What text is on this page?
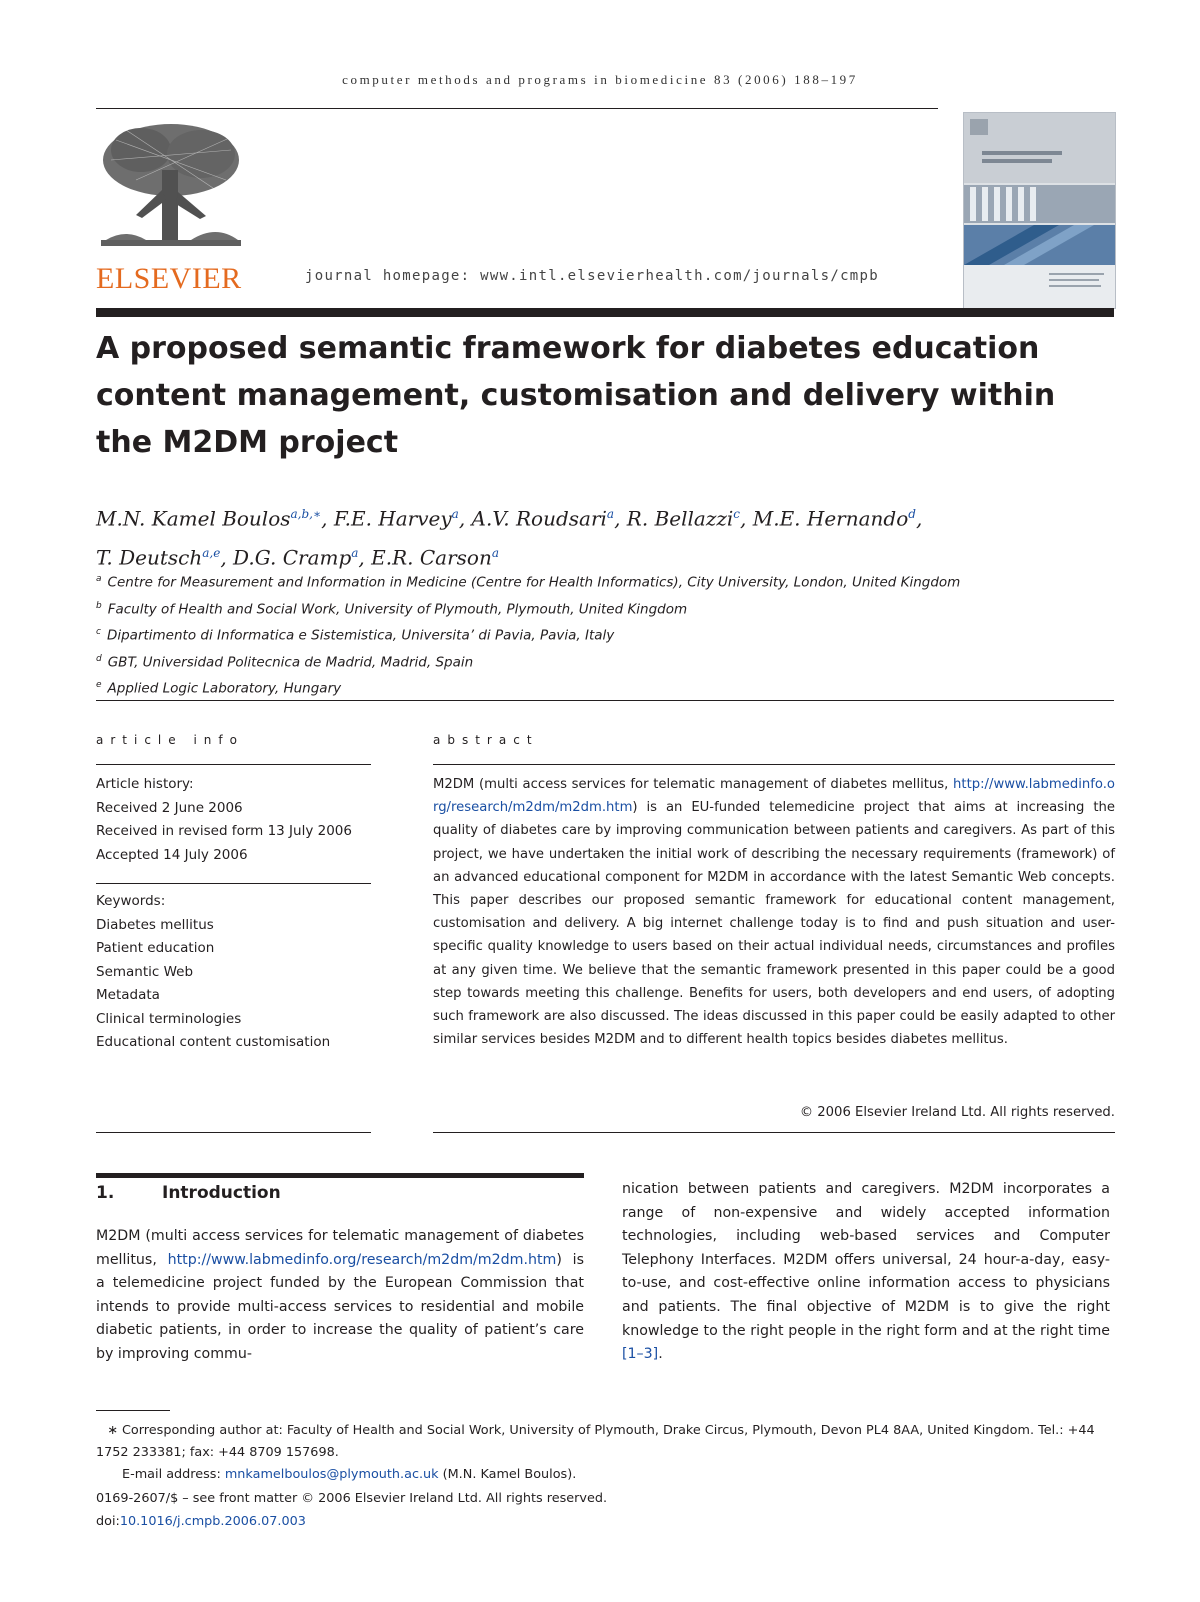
computer methods and programs in biomedicine 83 (2006) 188–197
ELSEVIER	journal homepage: www.intl.elsevierhealth.com/journals/cmpb
A proposed semantic framework for diabetes education content management, customisation and delivery within the M2DM project
M.N. Kamel Boulos$^{a,b,∗}$, F.E. Harvey$^a$, A.V. Roudsari$^a$, R. Bellazzi$^c$, M.E. Hernando$^d$,
T. Deutsch$^{a,e}$, D.G. Cramp$^a$, E.R. Carson$^a$
$^a$ Centre for Measurement and Information in Medicine (Centre for Health Informatics), City University, London, United Kingdom
$^b$ Faculty of Health and Social Work, University of Plymouth, Plymouth, United Kingdom
$^c$ Dipartimento di Informatica e Sistemistica, Universita’ di Pavia, Pavia, Italy
$^d$ GBT, Universidad Politecnica de Madrid, Madrid, Spain
$^e$ Applied Logic Laboratory, Hungary
article info
Article history:
Received 2 June 2006
Received in revised form 13 July 2006
Accepted 14 July 2006
Keywords:
Diabetes mellitus
Patient education
Semantic Web
Metadata
Clinical terminologies
Educational content customisation
abstract
M2DM (multi access services for telematic management of diabetes mellitus, http://www.labmedinfo.org/research/m2dm/m2dm.htm) is an EU-funded telemedicine project that aims at increasing the quality of diabetes care by improving communication between patients and caregivers. As part of this project, we have undertaken the initial work of describing the necessary requirements (framework) of an advanced educational component for M2DM in accordance with the latest Semantic Web concepts. This paper describes our proposed semantic framework for educational content management, customisation and delivery. A big internet challenge today is to find and push situation and user-specific quality knowledge to users based on their actual individual needs, circumstances and profiles at any given time. We believe that the semantic framework presented in this paper could be a good step towards meeting this challenge. Benefits for users, both developers and end users, of adopting such framework are also discussed. The ideas discussed in this paper could be easily adapted to other similar services besides M2DM and to different health topics besides diabetes mellitus.
© 2006 Elsevier Ireland Ltd. All rights reserved.
1.	Introduction
M2DM (multi access services for telematic management of diabetes mellitus, http://www.labmedinfo.org/research/m2dm/m2dm.htm) is a telemedicine project funded by the European Commission that intends to provide multi-access services to residential and mobile diabetic patients, in order to increase the quality of patient’s care by improving commu-
nication between patients and caregivers. M2DM incorporates a range of non-expensive and widely accepted information technologies, including web-based services and Computer Telephony Interfaces. M2DM offers universal, 24 hour-a-day, easy-to-use, and cost-effective online information access to physicians and patients. The final objective of M2DM is to give the right knowledge to the right people in the right form and at the right time [1–3].
∗ Corresponding author at: Faculty of Health and Social Work, University of Plymouth, Drake Circus, Plymouth, Devon PL4 8AA, United Kingdom. Tel.: +44 1752 233381; fax: +44 8709 157698.
E-mail address: mnkamelboulos@plymouth.ac.uk (M.N. Kamel Boulos).
0169-2607/$ – see front matter © 2006 Elsevier Ireland Ltd. All rights reserved.
doi:10.1016/j.cmpb.2006.07.003
